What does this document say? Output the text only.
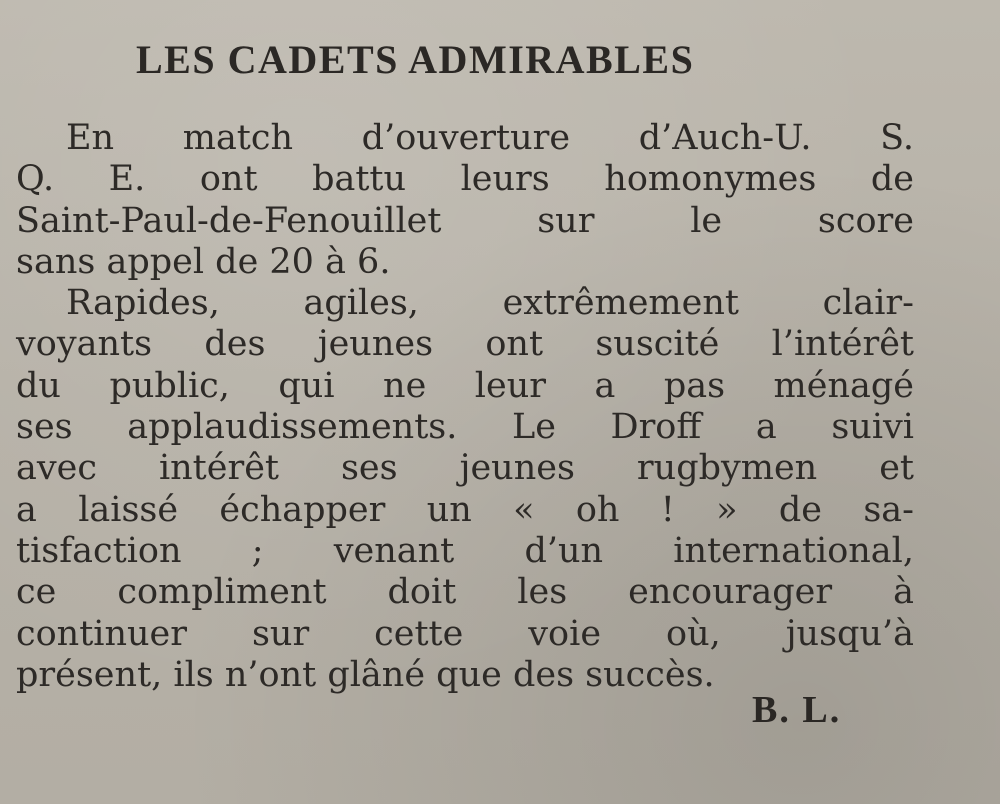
LES CADETS ADMIRABLES
En match d’ouverture d’Auch-U. S.
Q. E. ont battu leurs homonymes de
Saint-Paul-de-Fenouillet sur le score
sans appel de 20 à 6.
Rapides, agiles, extrêmement clair-
voyants des jeunes ont suscité l’intérêt
du public, qui ne leur a pas ménagé
ses applaudissements. Le Droff a suivi
avec intérêt ses jeunes rugbymen et
a laissé échapper un « oh ! » de sa-
tisfaction ; venant d’un international,
ce compliment doit les encourager à
continuer sur cette voie où, jusqu’à
présent, ils n’ont glâné que des succès.
B. L.
